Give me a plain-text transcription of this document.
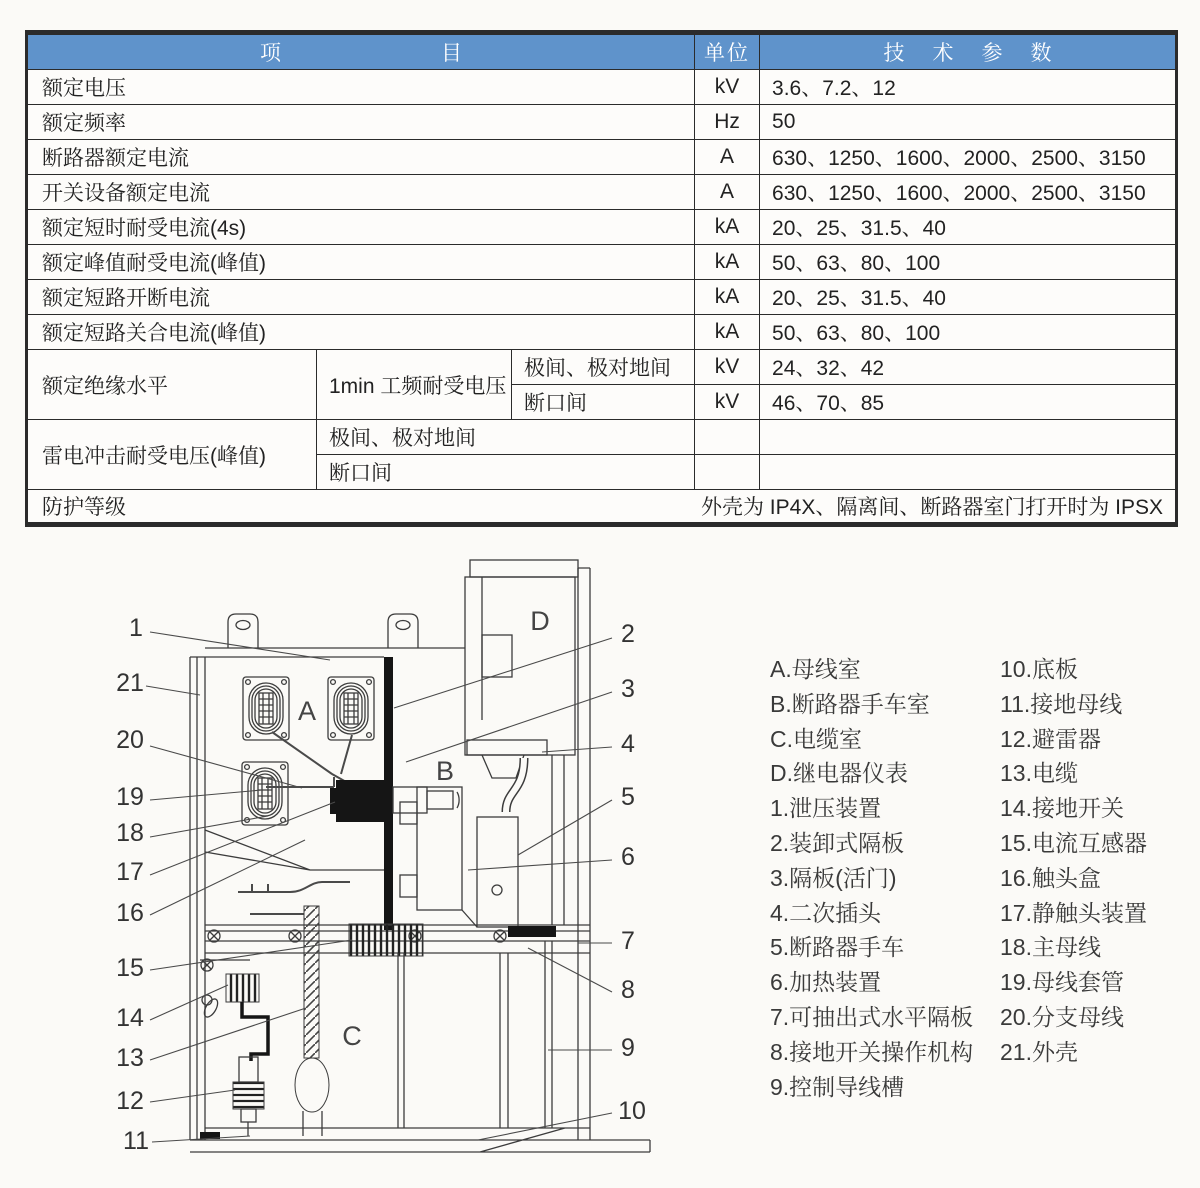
项目			单位	技术参数
额定电压			kV	3.6、7.2、12
额定频率			Hz	50
断路器额定电流			A	630、1250、1600、2000、2500、3150
开关设备额定电流			A	630、1250、1600、2000、2500、3150
额定短时耐受电流(4s)			kA	20、25、31.5、40
额定峰值耐受电流(峰值)			kA	50、63、80、100
额定短路开断电流			kA	20、25、31.5、40
额定短路关合电流(峰值)			kA	50、63、80、100
额定绝缘水平	1min 工频耐受电压	极间、极对地间	kV	24、32、42
		断口间	kV	46、70、85
雷电冲击耐受电压(峰值)	极间、极对地间			
	断口间			

防护等级 外壳为 IP4X、隔离间、断路器室门打开时为 IPSX				
1
21
20
19
18
17
16
15
14
13
12
11
2
3
4
5
6
7
8
9
10
A
B
C
D
A.母线室
B.断路器手车室
C.电缆室
D.继电器仪表
1.泄压装置
2.装卸式隔板
3.隔板(活门)
4.二次插头
5.断路器手车
6.加热装置
7.可抽出式水平隔板
8.接地开关操作机构
9.控制导线槽
10.底板
11.接地母线
12.避雷器
13.电缆
14.接地开关
15.电流互感器
16.触头盒
17.静触头装置
18.主母线
19.母线套管
20.分支母线
21.外壳
